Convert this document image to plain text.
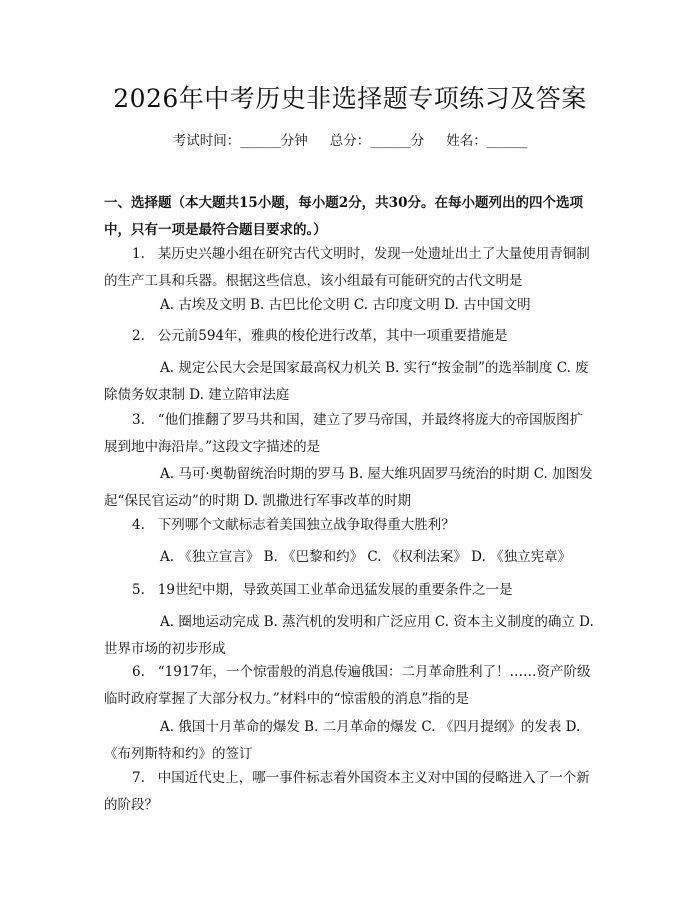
2026年中考历史非选择题专项练习及答案
考试时间：______分钟 总分：______分 姓名：______
一、选择题（本大题共15小题，每小题2分，共30分。在每小题列出的四个选项中，只有一项是最符合题目要求的。）
1. 某历史兴趣小组在研究古代文明时，发现一处遗址出土了大量使用青铜制的生产工具和兵器。根据这些信息，该小组最有可能研究的古代文明是
A. 古埃及文明 B. 古巴比伦文明 C. 古印度文明 D. 古中国文明
2. 公元前594年，雅典的梭伦进行改革，其中一项重要措施是
A. 规定公民大会是国家最高权力机关 B. 实行“按金制”的选举制度 C. 废除债务奴隶制 D. 建立陪审法庭
3. “他们推翻了罗马共和国，建立了罗马帝国，并最终将庞大的帝国版图扩展到地中海沿岸。”这段文字描述的是
A. 马可·奥勒留统治时期的罗马 B. 屋大维巩固罗马统治的时期 C. 加图发起“保民官运动”的时期 D. 凯撒进行军事改革的时期
4. 下列哪个文献标志着美国独立战争取得重大胜利？
A. 《独立宣言》 B. 《巴黎和约》 C. 《权利法案》 D. 《独立宪章》
5. 19世纪中期，导致英国工业革命迅猛发展的重要条件之一是
A. 圈地运动完成 B. 蒸汽机的发明和广泛应用 C. 资本主义制度的确立 D. 世界市场的初步形成
6. “1917年，一个惊雷般的消息传遍俄国：二月革命胜利了！……资产阶级临时政府掌握了大部分权力。”材料中的“惊雷般的消息”指的是
A. 俄国十月革命的爆发 B. 二月革命的爆发 C. 《四月提纲》的发表 D. 《布列斯特和约》的签订
7. 中国近代史上，哪一事件标志着外国资本主义对中国的侵略进入了一个新的阶段？
